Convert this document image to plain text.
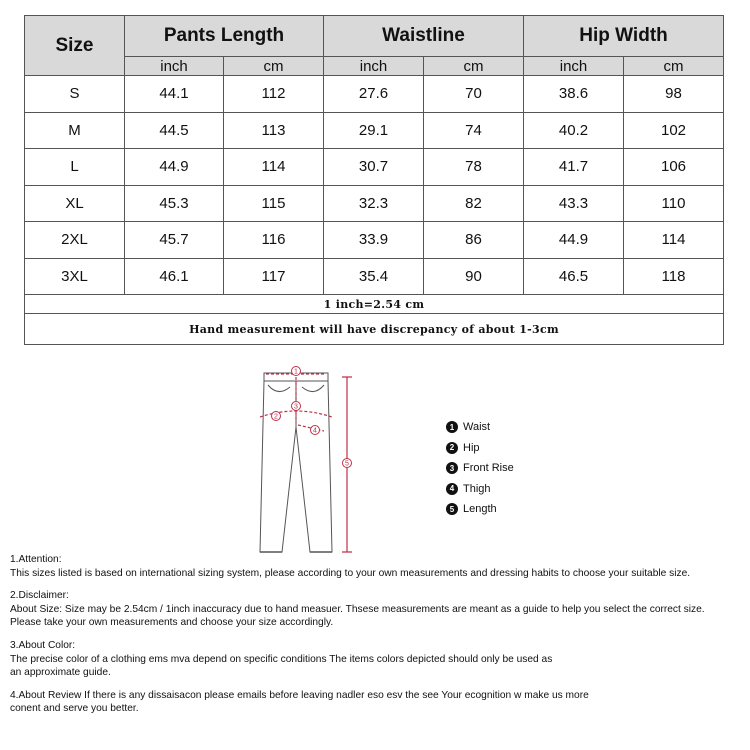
Size	Pants Length		Waistline		Hip Width	
	inch	cm	inch	cm	inch	cm
S	44.1	112	27.6	70	38.6	98
M	44.5	113	29.1	74	40.2	102
L	44.9	114	30.7	78	41.7	106
XL	45.3	115	32.3	82	43.3	110
2XL	45.7	116	33.9	86	44.9	114
3XL	46.1	117	35.4	90	46.5	118
1 inch=2.54 cm						
Hand measurement will have discrepancy of about 1-3cm						
1
2
3
4
5
1 Waist
2 Hip
3 Front Rise
4 Thigh
5 Length

1.Attention:

This sizes listed is based on international sizing system, please according to your own measurements and dressing habits to choose your suitable size.

2.Disclaimer:

About Size: Size may be 2.54cm / 1inch inaccuracy due to hand measuer. Thsese measurements are meant as a guide to help you select the correct size.

Please take your own measurements and choose your size accordingly.

3.About Color:

The precise color of a clothing ems mva depend on specific conditions The items colors depicted should only be used as

an approximate guide.

4.About Review If there is any dissaisacon please emails before leaving nadler eso esv the see Your ecognition w make us more

conent and serve you better.
